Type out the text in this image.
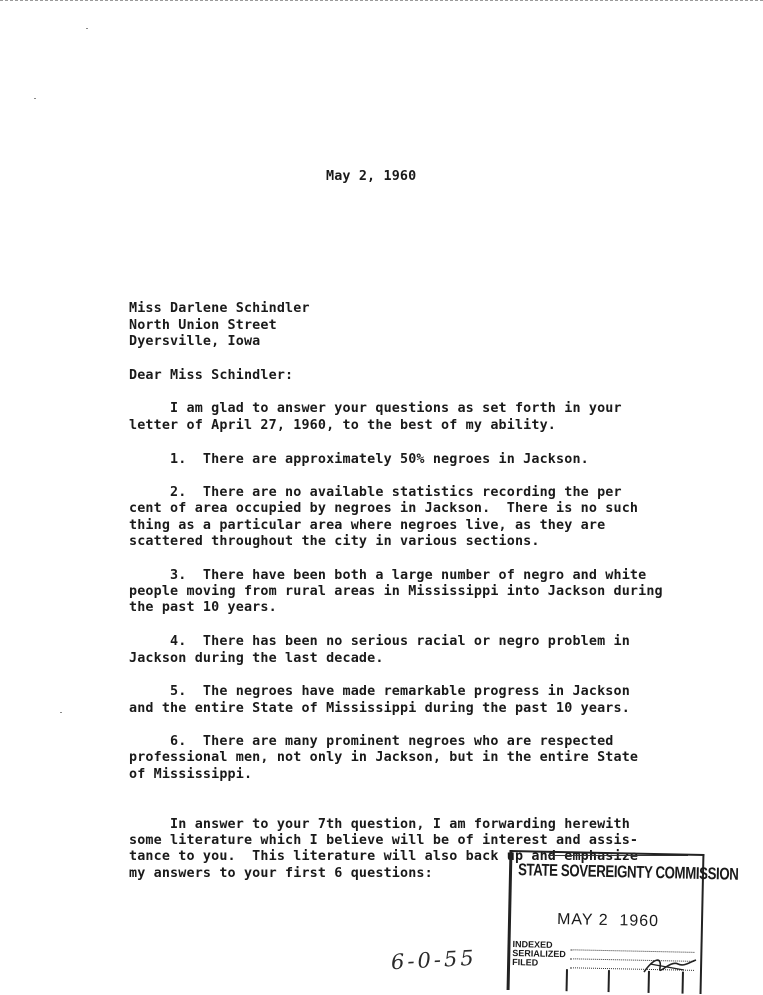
May 2, 1960
Miss Darlene Schindler
North Union Street
Dyersville, Iowa
Dear Miss Schindler:
I am glad to answer your questions as set forth in your
letter of April 27, 1960, to the best of my ability.
1.  There are approximately 50% negroes in Jackson.
2.  There are no available statistics recording the per
cent of area occupied by negroes in Jackson.  There is no such
thing as a particular area where negroes live, as they are
scattered throughout the city in various sections.
3.  There have been both a large number of negro and white
people moving from rural areas in Mississippi into Jackson during
the past 10 years.
4.  There has been no serious racial or negro problem in
Jackson during the last decade.
5.  The negroes have made remarkable progress in Jackson
and the entire State of Mississippi during the past 10 years.
6.  There are many prominent negroes who are respected
professional men, not only in Jackson, but in the entire State
of Mississippi.
In answer to your 7th question, I am forwarding herewith
some literature which I believe will be of interest and assis-
tance to you.  This literature will also back up and emphasize
my answers to your first 6 questions:	STATE SOVEREIGNTY COMMISSION
MAY 2  1960
INDEXED
SERIALIZED
FILED
6-0-55
